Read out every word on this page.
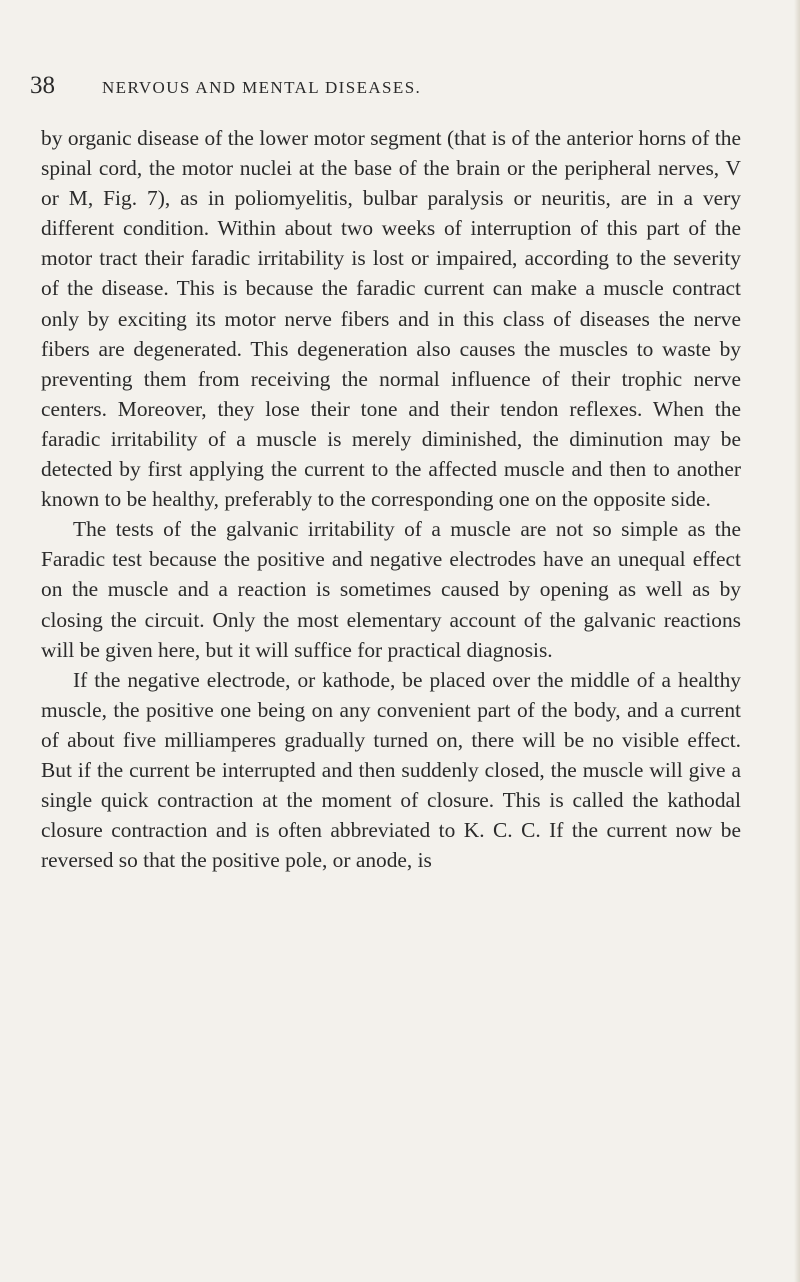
38	NERVOUS AND MENTAL DISEASES.

by organic disease of the lower motor segment (that is of the anterior horns of the spinal cord, the motor nuclei at the base of the brain or the peripheral nerves, V or M, Fig. 7), as in poliomyelitis, bulbar paralysis or neuritis, are in a very different condition. Within about two weeks of interruption of this part of the motor tract their faradic irritability is lost or impaired, according to the severity of the disease. This is because the faradic current can make a muscle contract only by exciting its motor nerve fibers and in this class of diseases the nerve fibers are degenerated. This degeneration also causes the muscles to waste by preventing them from receiving the normal influence of their trophic nerve centers. Moreover, they lose their tone and their tendon reflexes. When the faradic irritability of a muscle is merely diminished, the diminution may be detected by first applying the current to the affected muscle and then to another known to be healthy, preferably to the corresponding one on the opposite side.

The tests of the galvanic irritability of a muscle are not so simple as the Faradic test because the positive and negative electrodes have an unequal effect on the muscle and a reaction is sometimes caused by opening as well as by closing the circuit. Only the most elementary account of the galvanic reactions will be given here, but it will suffice for practical diagnosis.

If the negative electrode, or kathode, be placed over the middle of a healthy muscle, the positive one being on any convenient part of the body, and a current of about five milliamperes gradually turned on, there will be no visible effect. But if the current be interrupted and then suddenly closed, the muscle will give a single quick contraction at the moment of closure. This is called the kathodal closure contraction and is often abbreviated to K. C. C. If the current now be reversed so that the positive pole, or anode, is
